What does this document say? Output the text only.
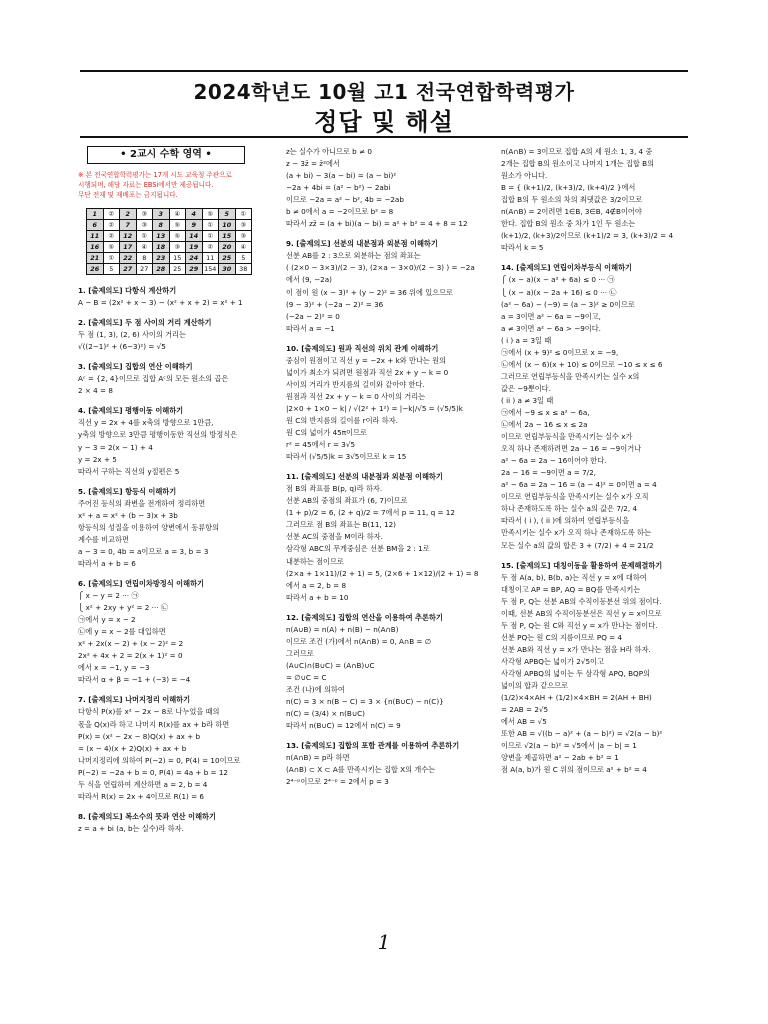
2024학년도 10월 고1 전국연합학력평가
정답 및 해설
• 2교시 수학 영역 •
※ 본 전국연합학력평가는 17개 시도 교육청 주관으로
시행되며, 해당 자료는 EBSi에서만 제공됩니다.
무단 전재 및 재배포는 금지됩니다.
1	②	2	③	3	④	4	⑤	5	①
6	②	7	③	8	⑤	9	①	10	③
11	②	12	①	13	⑤	14	①	15	③
16	⑤	17	④	18	③	19	②	20	④
21	①	22	8	23	15	24	11	25	5
26	5	27	27	28	25	29	154	30	38
1. [출제의도] 다항식 계산하기
A − B = (2x² + x − 3) − (x² + x + 2) = x² + 1
2. [출제의도] 두 점 사이의 거리 계산하기
두 점 (1, 3), (2, 6) 사이의 거리는
√((2−1)² + (6−3)²) = √5
3. [출제의도] 집합의 연산 이해하기
Aᶜ = {2, 4}이므로 집합 Aᶜ의 모든 원소의 곱은
2 × 4 = 8
4. [출제의도] 평행이동 이해하기
직선 y = 2x + 4를 x축의 방향으로 1만큼,
y축의 방향으로 3만큼 평행이동한 직선의 방정식은
y − 3 = 2(x − 1) + 4
y = 2x + 5
따라서 구하는 직선의 y절편은 5
5. [출제의도] 항등식 이해하기
주어진 등식의 좌변을 전개하여 정리하면
x² + a = x² + (b − 3)x + 3b
항등식의 성질을 이용하여 양변에서 동류항의
계수를 비교하면
a − 3 = 0, 4b = a이므로 a = 3, b = 3
따라서 a + b = 6
6. [출제의도] 연립이차방정식 이해하기
⎧ x − y = 2 ··· ㉠
⎩ x² + 2xy + y² = 2 ··· ㉡
㉠에서 y = x − 2
㉡에 y = x − 2를 대입하면
x² + 2x(x − 2) + (x − 2)² = 2
2x² + 4x + 2 = 2(x + 1)² = 0
에서 x = −1, y = −3
따라서 α + β = −1 + (−3) = −4
7. [출제의도] 나머지정리 이해하기
다항식 P(x)를 x² − 2x − 8로 나누었을 때의
몫을 Q(x)라 하고 나머지 R(x)를 ax + b라 하면
P(x) = (x² − 2x − 8)Q(x) + ax + b
= (x − 4)(x + 2)Q(x) + ax + b
나머지정리에 의하여 P(−2) = 0, P(4) = 10이므로
P(−2) = −2a + b = 0, P(4) = 4a + b = 12
두 식을 연립하여 계산하면 a = 2, b = 4
따라서 R(x) = 2x + 4이므로 R(1) = 6
8. [출제의도] 복소수의 뜻과 연산 이해하기
z = a + bi (a, b는 실수)라 하자.
z는 실수가 아니므로 b ≠ 0
z − 3z̄ = z̄²에서
(a + bi) − 3(a − bi) = (a − bi)²
−2a + 4bi = (a² − b²) − 2abi
이므로 −2a = a² − b², 4b = −2ab
b ≠ 0에서 a = −2이므로 b² = 8
따라서 zz̄ = (a + bi)(a − bi) = a² + b² = 4 + 8 = 12
9. [출제의도] 선분의 내분점과 외분점 이해하기
선분 AB를 2 : 3으로 외분하는 점의 좌표는
( (2×0 − 3×3)/(2 − 3), (2×a − 3×0)/(2 − 3) ) = −2a
에서 (9, −2a)
이 점이 원 (x − 3)² + (y − 2)² = 36 위에 있으므로
(9 − 3)² + (−2a − 2)² = 36
(−2a − 2)² = 0
따라서 a = −1
10. [출제의도] 원과 직선의 위치 관계 이해하기
중심이 원점이고 직선 y = −2x + k와 만나는 원의
넓이가 최소가 되려면 원점과 직선 2x + y − k = 0
사이의 거리가 반지름의 길이와 같아야 한다.
원점과 직선 2x + y − k = 0 사이의 거리는
|2×0 + 1×0 − k| / √(2² + 1²) = |−k|/√5 = (√5/5)k
원 C의 반지름의 길이를 r이라 하자.
원 C의 넓이가 45π이므로
r² = 45에서 r = 3√5
따라서 (√5/5)k = 3√5이므로 k = 15
11. [출제의도] 선분의 내분점과 외분점 이해하기
점 B의 좌표를 B(p, q)라 하자.
선분 AB의 중점의 좌표가 (6, 7)이므로
(1 + p)/2 = 6, (2 + q)/2 = 7에서 p = 11, q = 12
그러므로 점 B의 좌표는 B(11, 12)
선분 AC의 중점을 M이라 하자.
삼각형 ABC의 무게중심은 선분 BM을 2 : 1로
내분하는 점이므로
(2×a + 1×11)/(2 + 1) = 5, (2×6 + 1×12)/(2 + 1) = 8
에서 a = 2, b = 8
따라서 a + b = 10
12. [출제의도] 집합의 연산을 이용하여 추론하기
n(A∪B) = n(A) + n(B) − n(A∩B)
이므로 조건 (가)에서 n(A∩B) = 0, A∩B = ∅
그러므로
(A∪C)∩(B∪C) = (A∩B)∪C
= ∅∪C = C
조건 (나)에 의하여
n(C) = 3 × n(B − C) = 3 × {n(B∪C) − n(C)}
n(C) = (3/4) × n(B∪C)
따라서 n(B∪C) = 12에서 n(C) = 9
13. [출제의도] 집합의 포함 관계를 이용하여 추론하기
n(A∩B) = p라 하면
(A∩B) ⊂ X ⊂ A를 만족시키는 집합 X의 개수는
2⁴⁻ᵖ이므로 2⁴⁻ᵖ = 2에서 p = 3
n(A∩B) = 3이므로 집합 A의 세 원소 1, 3, 4 중
2개는 집합 B의 원소이고 나머지 1개는 집합 B의
원소가 아니다.
B = { (k+1)/2, (k+3)/2, (k+4)/2 }에서
집합 B의 두 원소의 차의 최댓값은 3/2이므로
n(A∩B) = 2이려면 1∈B, 3∈B, 4∉B이어야
한다. 집합 B의 원소 중 차가 1인 두 원소는
(k+1)/2, (k+3)/2이므로 (k+1)/2 = 3, (k+3)/2 = 4
따라서 k = 5
14. [출제의도] 연립이차부등식 이해하기
⎧ (x − a)(x − a² + 6a) ≤ 0 ··· ㉠
⎩ (x − a)(x − 2a + 16) ≤ 0 ··· ㉡
(a² − 6a) − (−9) = (a − 3)² ≥ 0이므로
a = 3이면 a² − 6a = −9이고,
a ≠ 3이면 a² − 6a > −9이다.
( i ) a = 3일 때
㉠에서 (x + 9)² ≤ 0이므로 x = −9,
㉡에서 (x − 6)(x + 10) ≤ 0이므로 −10 ≤ x ≤ 6
그러므로 연립부등식을 만족시키는 실수 x의
값은 −9뿐이다.
( ii ) a ≠ 3일 때
㉠에서 −9 ≤ x ≤ a² − 6a,
㉡에서 2a − 16 ≤ x ≤ 2a
이므로 연립부등식을 만족시키는 실수 x가
오직 하나 존재하려면 2a − 16 = −9이거나
a² − 6a = 2a − 16이어야 한다.
2a − 16 = −9이면 a = 7/2,
a² − 6a = 2a − 16 = (a − 4)² = 0이면 a = 4
이므로 연립부등식을 만족시키는 실수 x가 오직
하나 존재하도록 하는 실수 a의 값은 7/2, 4
따라서 ( i ), ( ii )에 의하여 연립부등식을
만족시키는 실수 x가 오직 하나 존재하도록 하는
모든 실수 a의 값의 합은 3 + (7/2) + 4 = 21/2
15. [출제의도] 대칭이동을 활용하여 문제해결하기
두 점 A(a, b), B(b, a)는 직선 y = x에 대하여
대칭이고 AP = BP, AQ = BQ를 만족시키는
두 점 P, Q는 선분 AB의 수직이등분선 위의 점이다.
이때, 선분 AB의 수직이등분선은 직선 y = x이므로
두 점 P, Q는 원 C와 직선 y = x가 만나는 점이다.
선분 PQ는 원 C의 지름이므로 PQ = 4
선분 AB와 직선 y = x가 만나는 점을 H라 하자.
사각형 APBQ는 넓이가 2√5이고
사각형 APBQ의 넓이는 두 삼각형 APQ, BQP의
넓이의 합과 같으므로
(1/2)×4×AH + (1/2)×4×BH = 2(AH + BH)
= 2AB = 2√5
에서 AB = √5
또한 AB = √((b − a)² + (a − b)²) = √2(a − b)²
이므로 √2(a − b)² = √5에서 |a − b| = 1
양변을 제곱하면 a² − 2ab + b² = 1
점 A(a, b)가 원 C 위의 점이므로 a² + b² = 4
1
